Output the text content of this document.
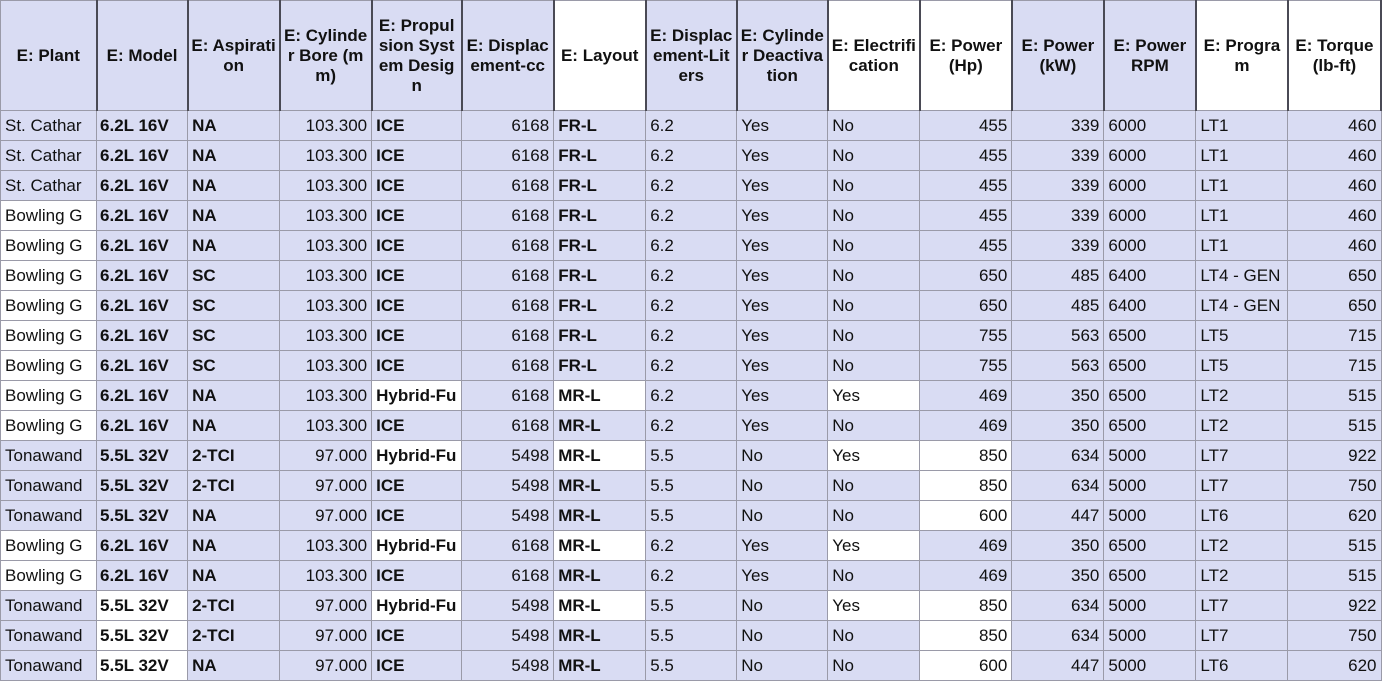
E: Plant	E: Model	E: Aspiration	E: Cylinder Bore (mm)	E: Propulsion System Design	E: Displacement-cc	E: Layout	E: Displacement-Liters	E: Cylinder Deactivation	E: Electrification	E: Power (Hp)	E: Power (kW)	E: Power RPM	E: Program	E: Torque (lb-ft)
St. Cathar	6.2L 16V	NA	103.300	ICE	6168	FR-L	6.2	Yes	No	455	339	6000	LT1	460
St. Cathar	6.2L 16V	NA	103.300	ICE	6168	FR-L	6.2	Yes	No	455	339	6000	LT1	460
St. Cathar	6.2L 16V	NA	103.300	ICE	6168	FR-L	6.2	Yes	No	455	339	6000	LT1	460
Bowling G	6.2L 16V	NA	103.300	ICE	6168	FR-L	6.2	Yes	No	455	339	6000	LT1	460
Bowling G	6.2L 16V	NA	103.300	ICE	6168	FR-L	6.2	Yes	No	455	339	6000	LT1	460
Bowling G	6.2L 16V	SC	103.300	ICE	6168	FR-L	6.2	Yes	No	650	485	6400	LT4 - GEN	650
Bowling G	6.2L 16V	SC	103.300	ICE	6168	FR-L	6.2	Yes	No	650	485	6400	LT4 - GEN	650
Bowling G	6.2L 16V	SC	103.300	ICE	6168	FR-L	6.2	Yes	No	755	563	6500	LT5	715
Bowling G	6.2L 16V	SC	103.300	ICE	6168	FR-L	6.2	Yes	No	755	563	6500	LT5	715
Bowling G	6.2L 16V	NA	103.300	Hybrid-Fu	6168	MR-L	6.2	Yes	Yes	469	350	6500	LT2	515
Bowling G	6.2L 16V	NA	103.300	ICE	6168	MR-L	6.2	Yes	No	469	350	6500	LT2	515
Tonawand	5.5L 32V	2-TCI	97.000	Hybrid-Fu	5498	MR-L	5.5	No	Yes	850	634	5000	LT7	922
Tonawand	5.5L 32V	2-TCI	97.000	ICE	5498	MR-L	5.5	No	No	850	634	5000	LT7	750
Tonawand	5.5L 32V	NA	97.000	ICE	5498	MR-L	5.5	No	No	600	447	5000	LT6	620
Bowling G	6.2L 16V	NA	103.300	Hybrid-Fu	6168	MR-L	6.2	Yes	Yes	469	350	6500	LT2	515
Bowling G	6.2L 16V	NA	103.300	ICE	6168	MR-L	6.2	Yes	No	469	350	6500	LT2	515
Tonawand	5.5L 32V	2-TCI	97.000	Hybrid-Fu	5498	MR-L	5.5	No	Yes	850	634	5000	LT7	922
Tonawand	5.5L 32V	2-TCI	97.000	ICE	5498	MR-L	5.5	No	No	850	634	5000	LT7	750
Tonawand	5.5L 32V	NA	97.000	ICE	5498	MR-L	5.5	No	No	600	447	5000	LT6	620
